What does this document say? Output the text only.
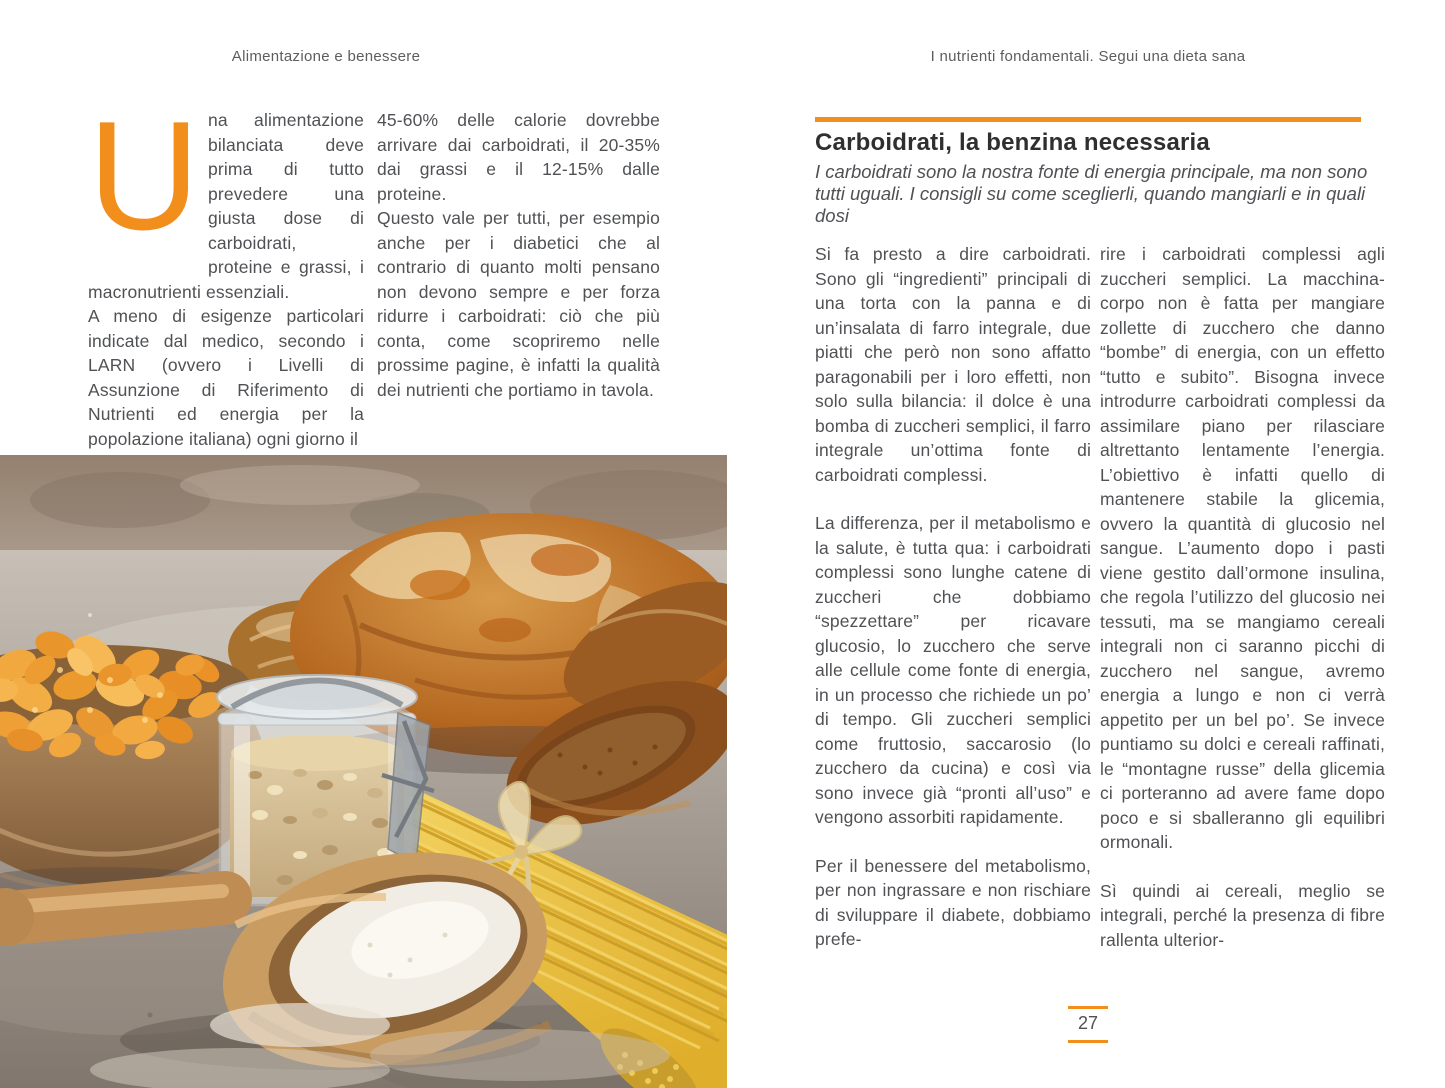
Alimentazione e benessere	I nutrienti fondamentali. Segui una dieta sana

Una alimentazione bilanciata deve prima di tutto prevedere una giusta dose di carboidrati, proteine e grassi, i macronutrienti essenziali.

A meno di esigenze particolari indicate dal medico, secondo i LARN (ovvero i Livelli di Assunzione di Riferimento di Nutrienti ed energia per la popolazione italiana) ogni giorno il

45-60% delle calorie dovrebbe arrivare dai carboidrati, il 20-35% dai grassi e il 12-15% dalle proteine.

Questo vale per tutti, per esempio anche per i diabetici che al contrario di quanto molti pensano non devono sempre e per forza ridurre i carboidrati: ciò che più conta, come scopriremo nelle prossime pagine, è infatti la qualità dei nutrienti che portiamo in tavola.

Carboidrati, la benzina necessaria

I carboidrati sono la nostra fonte di energia principale, ma non sono tutti uguali. I consigli su come sceglierli, quando mangiarli e in quali dosi

Si fa presto a dire carboidrati. Sono gli “ingredienti” principali di una torta con la panna e di un’insalata di farro integrale, due piatti che però non sono affatto paragonabili per i loro effetti, non solo sulla bilancia: il dolce è una bomba di zuccheri semplici, il farro integrale un’ottima fonte di carboidrati complessi.

La differenza, per il metabolismo e la salute, è tutta qua: i carboidrati complessi sono lunghe catene di zuccheri che dobbiamo “spezzettare” per ricavare glucosio, lo zucchero che serve alle cellule come fonte di energia, in un processo che richiede un po’ di tempo. Gli zuccheri semplici come fruttosio, saccarosio (lo zucchero da cucina) e così via sono invece già “pronti all’uso” e vengono assorbiti rapidamente.

Per il benessere del metabolismo, per non ingrassare e non rischiare di sviluppare il diabete, dobbiamo prefe-

rire i carboidrati complessi agli zuccheri semplici. La macchina-corpo non è fatta per mangiare zollette di zucchero che danno “bombe” di energia, con un effetto “tutto e subito”. Bisogna invece introdurre carboidrati complessi da assimilare piano per rilasciare altrettanto lentamente l’energia. L’obiettivo è infatti quello di mantenere stabile la glicemia, ovvero la quantità di glucosio nel sangue. L’aumento dopo i pasti viene gestito dall’ormone insulina, che regola l’utilizzo del glucosio nei tessuti, ma se mangiamo cereali integrali non ci saranno picchi di zucchero nel sangue, avremo energia a lungo e non ci verrà appetito per un bel po’. Se invece puntiamo su dolci e cereali raffinati, le “montagne russe” della glicemia ci porteranno ad avere fame dopo poco e si sballeranno gli equilibri ormonali.

Sì quindi ai cereali, meglio se integrali, perché la presenza di fibre rallenta ulterior-

27
